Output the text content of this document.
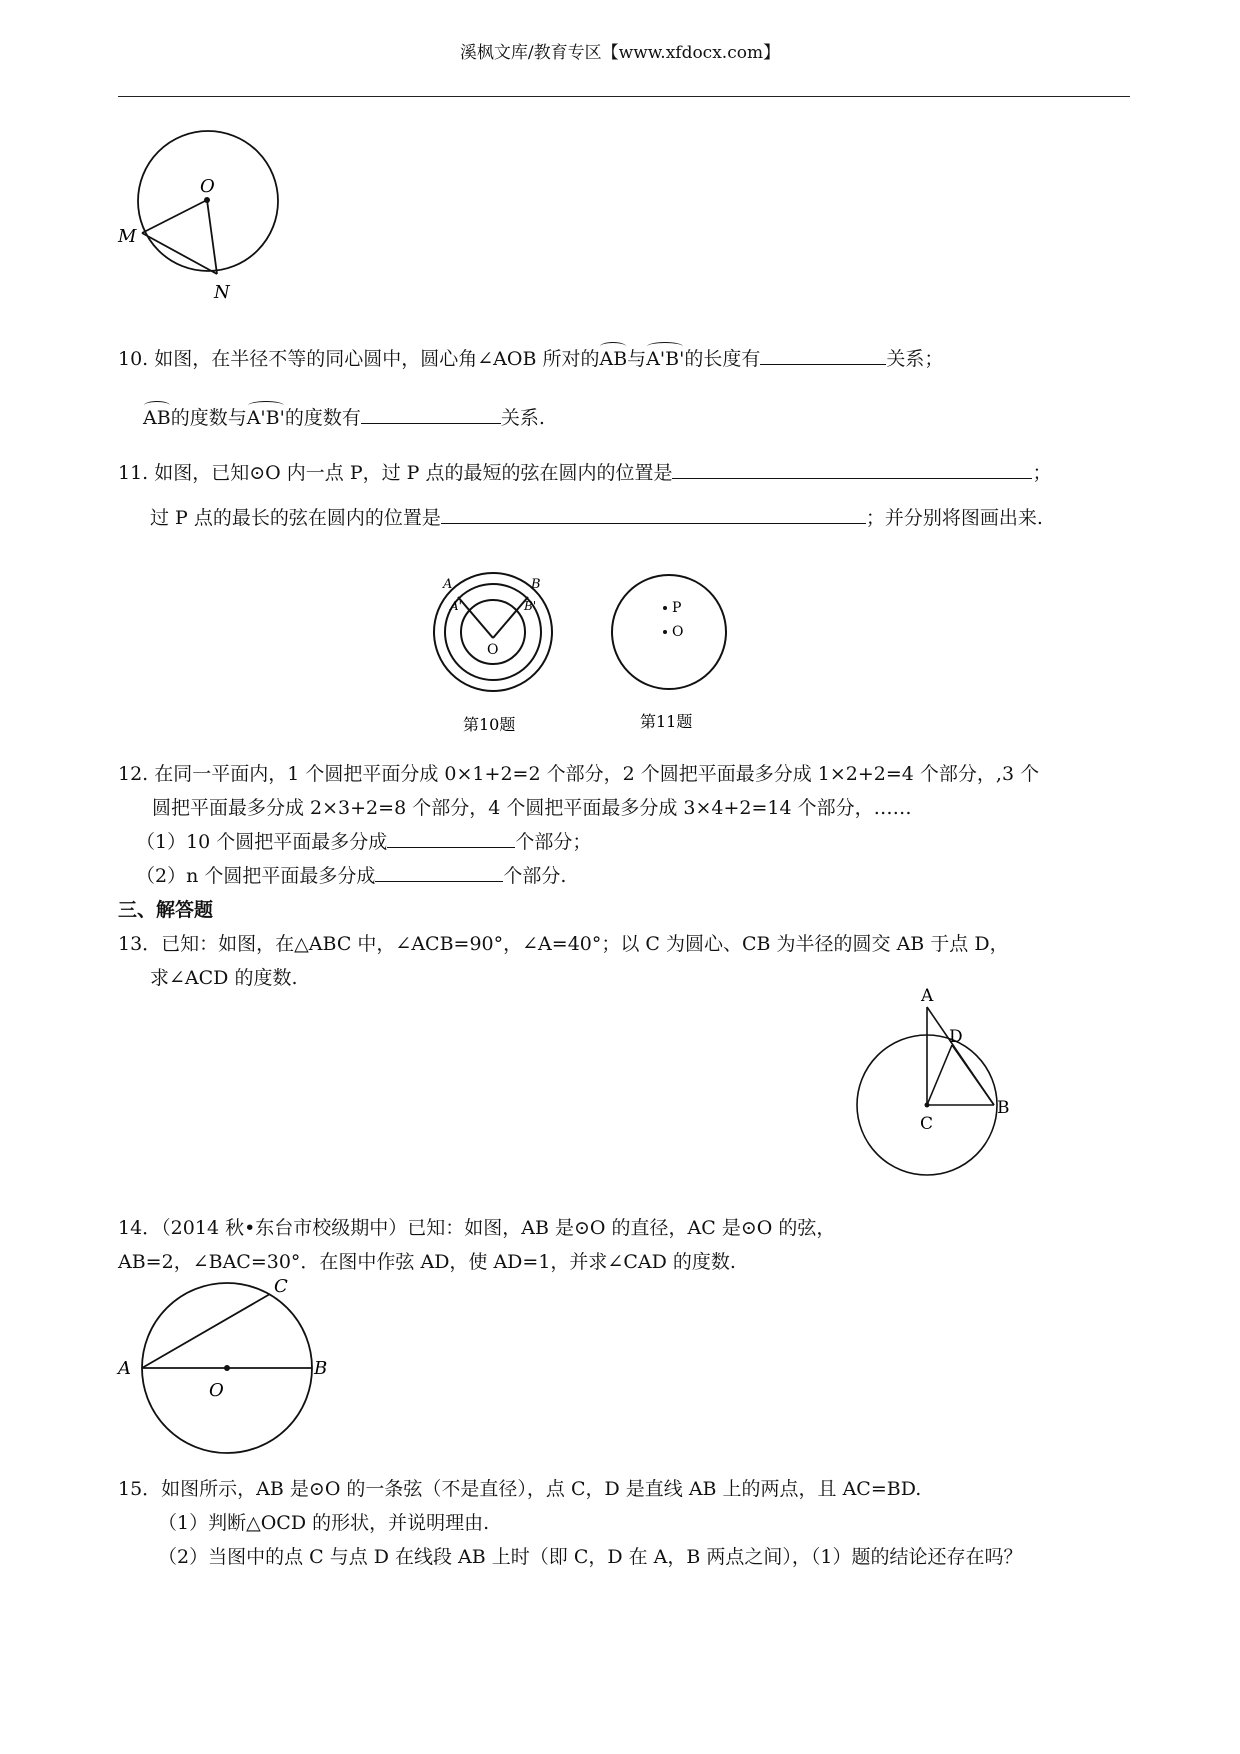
溪枫文库/教育专区【www.xfdocx.com】
O
M
N
10. 如图，在半径不等的同心圆中，圆心角∠AOB 所对的AB与A'B'的长度有	关系；
AB的度数与A'B'的度数有	关系.
11. 如图，已知⊙O 内一点 P，过 P 点的最短的弦在圆内的位置是	；
过 P 点的最长的弦在圆内的位置是	；并分别将图画出来.
A	B
A'	B'
O
第10题
P
O
第11题
12. 在同一平面内，1 个圆把平面分成 0×1+2=2 个部分，2 个圆把平面最多分成 1×2+2=4 个部分，,3 个
圆把平面最多分成 2×3+2=8 个部分，4 个圆把平面最多分成 3×4+2=14 个部分，……
（1）10 个圆把平面最多分成	个部分；
（2）n 个圆把平面最多分成	个部分.
三、解答题
13．已知：如图，在△ABC 中，∠ACB=90°，∠A=40°；以 C 为圆心、CB 为半径的圆交 AB 于点 D，
求∠ACD 的度数.
A
D
B
C
14．（2014 秋•东台市校级期中）已知：如图，AB 是⊙O 的直径，AC 是⊙O 的弦，
AB=2，∠BAC=30°．在图中作弦 AD，使 AD=1，并求∠CAD 的度数.
A	B
C
O
15．如图所示，AB 是⊙O 的一条弦（不是直径），点 C，D 是直线 AB 上的两点，且 AC=BD.
（1）判断△OCD 的形状，并说明理由.
（2）当图中的点 C 与点 D 在线段 AB 上时（即 C，D 在 A，B 两点之间），（1）题的结论还存在吗？
